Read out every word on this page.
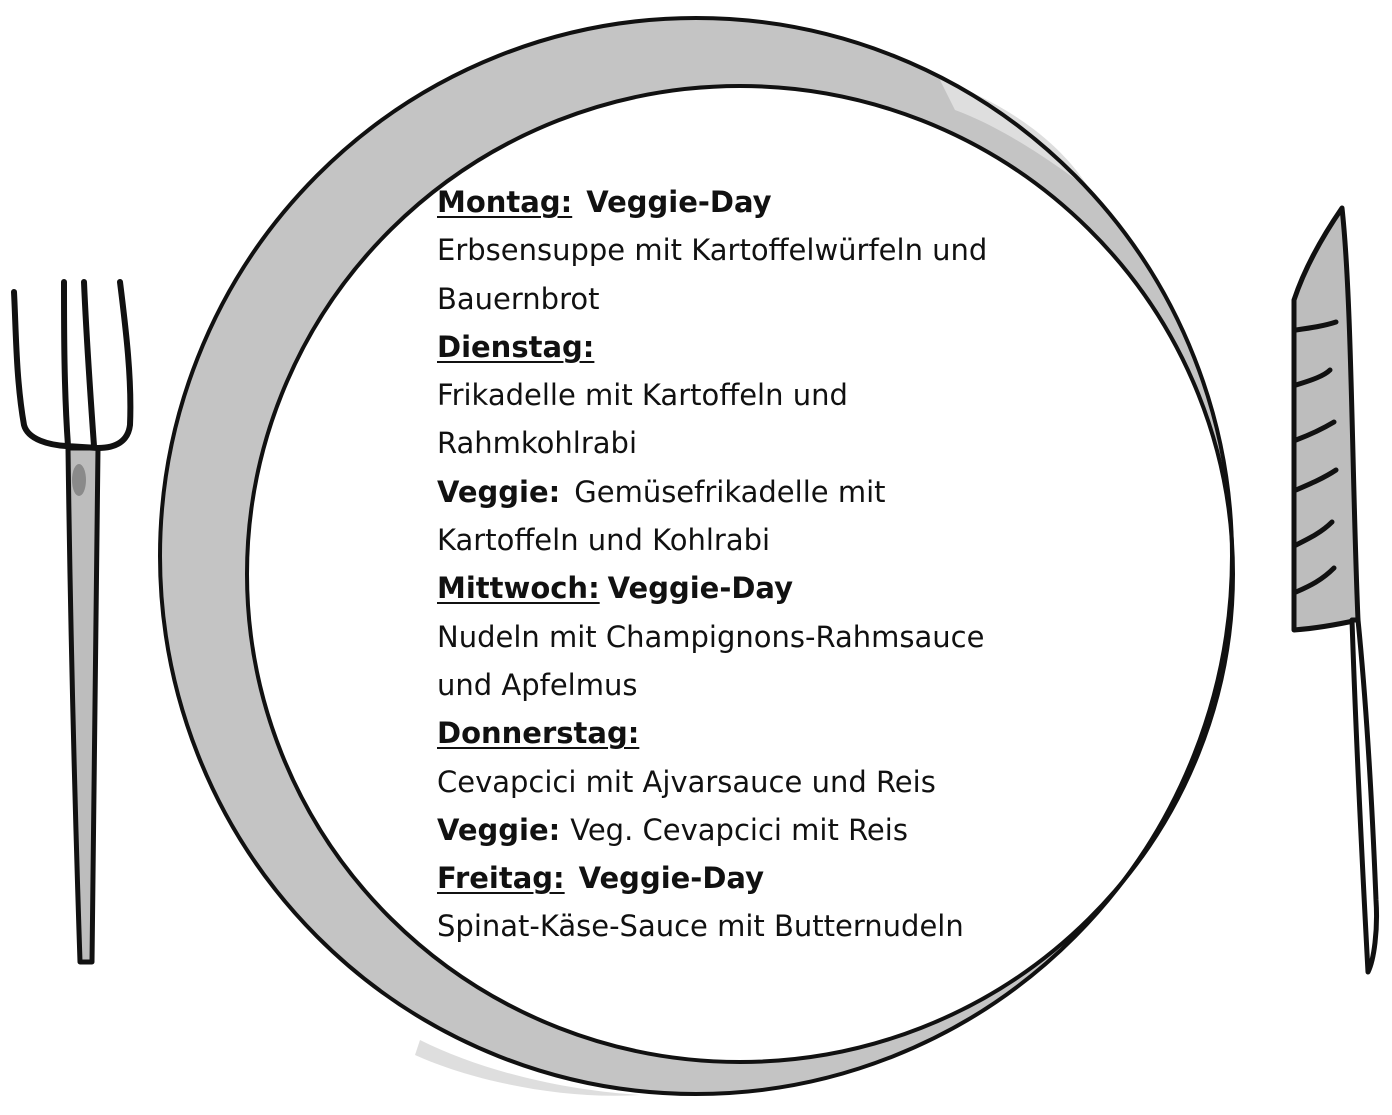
Montag: Veggie-Day
Erbsensuppe mit Kartoffelwürfeln und
Bauernbrot
Dienstag:
Frikadelle mit Kartoffeln und
Rahmkohlrabi
Veggie: Gemüsefrikadelle mit
Kartoffeln und Kohlrabi
Mittwoch: Veggie-Day
Nudeln mit Champignons-Rahmsauce
und Apfelmus
Donnerstag:
Cevapcici mit Ajvarsauce und Reis
Veggie: Veg. Cevapcici mit Reis
Freitag: Veggie-Day
Spinat-Käse-Sauce mit Butternudeln
